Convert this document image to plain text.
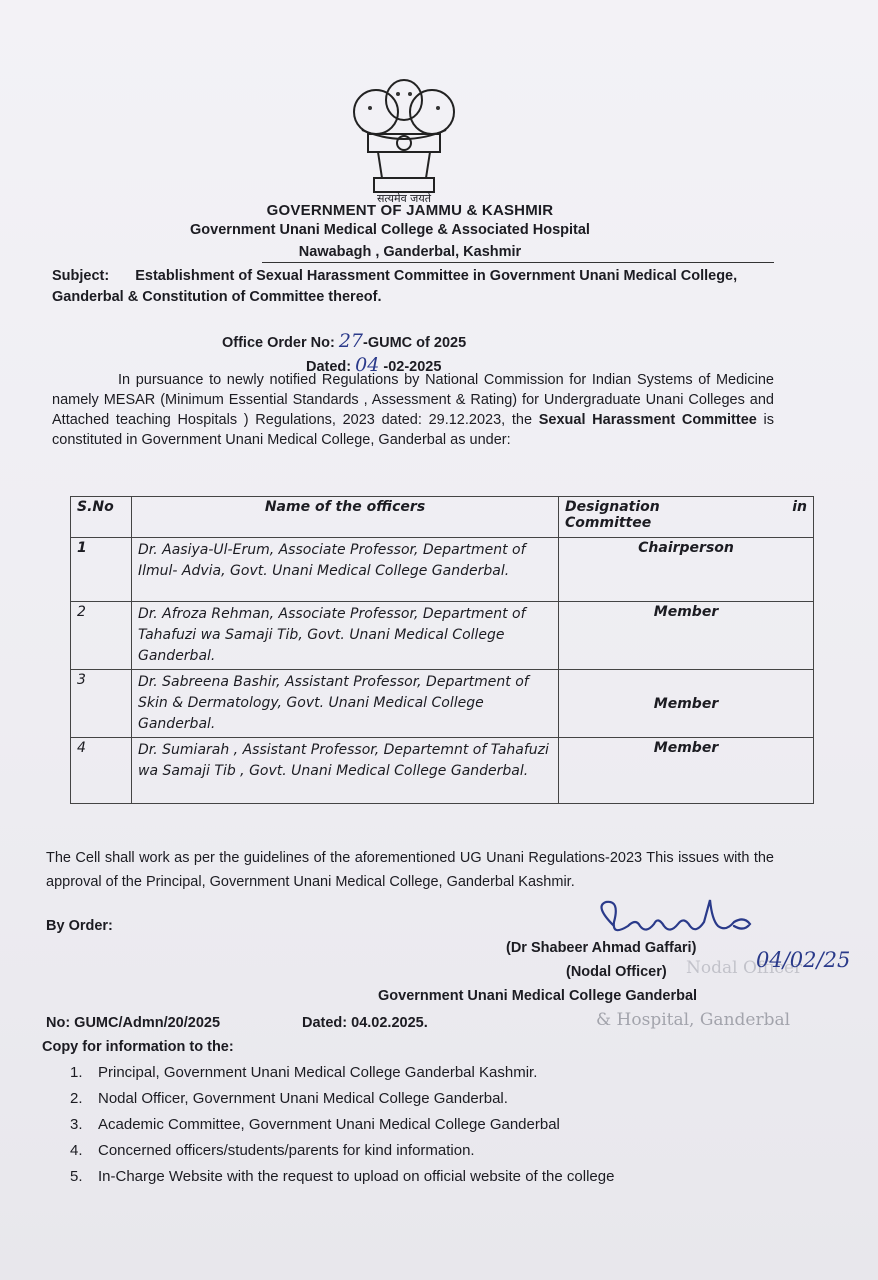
सत्यमेव जयते
GOVERNMENT OF JAMMU & KASHMIR
Government Unani Medical College & Associated Hospital
Nawabagh , Ganderbal, Kashmir
Subject: Establishment of Sexual Harassment Committee in Government Unani Medical College, Ganderbal & Constitution of Committee thereof.
Office Order No: 27-GUMC of 2025
Dated: 04 -02-2025
In pursuance to newly notified Regulations by National Commission for Indian Systems of Medicine namely MESAR (Minimum Essential Standards , Assessment & Rating) for Undergraduate Unani Colleges and Attached teaching Hospitals ) Regulations, 2023 dated: 29.12.2023, the Sexual Harassment Committee is constituted in Government Unani Medical College, Ganderbal as under:
S.No	Name of the officers	Designation in
Committee

1	Dr. Aasiya-Ul-Erum, Associate Professor, Department of Ilmul- Advia, Govt. Unani Medical College Ganderbal.	Chairperson
2	Dr. Afroza Rehman, Associate Professor, Department of Tahafuzi wa Samaji Tib, Govt. Unani Medical College Ganderbal.	Member
3	Dr. Sabreena Bashir, Assistant Professor, Department of Skin & Dermatology, Govt. Unani Medical College Ganderbal.	Member
4	Dr. Sumiarah , Assistant Professor, Departemnt of Tahafuzi wa Samaji Tib , Govt. Unani Medical College Ganderbal.	Member
The Cell shall work as per the guidelines of the aforementioned UG Unani Regulations-2023 This issues with the approval of the Principal, Government Unani Medical College, Ganderbal Kashmir.
By Order:
Nodal Officer
(Dr Shabeer Ahmad Gaffari)
(Nodal Officer)
Government Unani Medical College Ganderbal
04/02/25
& Hospital, Ganderbal
No: GUMC/Admn/20/2025	Dated: 04.02.2025.
Copy for information to the:
1.	Principal, Government Unani Medical College Ganderbal Kashmir.
2.	Nodal Officer, Government Unani Medical College Ganderbal.
3.	Academic Committee, Government Unani Medical College Ganderbal
4.	Concerned officers/students/parents for kind information.
5.	In-Charge Website with the request to upload on official website of the college
